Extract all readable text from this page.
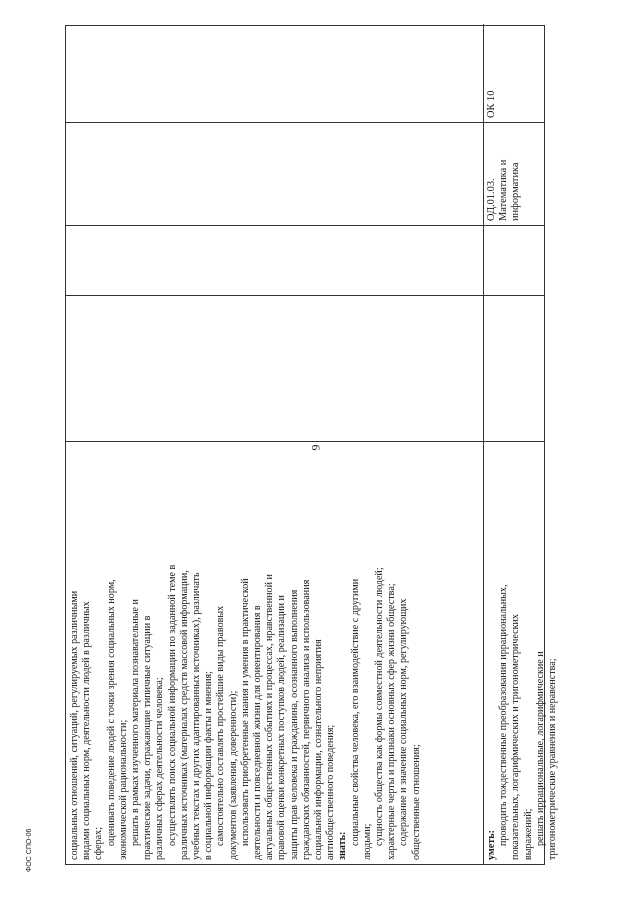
9
социальных отношений, ситуаций, регулируемых различными видами социальных норм, деятельности людей в различных сферах; оценивать поведение людей с точки зрения социальных норм, экономической рациональности; решать в рамках изученного материала познавательные и практические задачи, отражающие типичные ситуации в различных сферах деятельности человека; осуществлять поиск социальной информации по заданной теме в различных источниках (материалах средств массовой информации, учебных текстах и других адаптированных источниках), различать в социальной информации факты и мнения; самостоятельно составлять простейшие виды правовых документов (заявления, доверенности); использовать приобретенные знания и умения в практической деятельности и повседневной жизни для ориентирования в актуальных общественных событиях и процессах, нравственной и правовой оценки конкретных поступков людей, реализации и защиты прав человека и гражданина, осознанного выполнения гражданских обязанностей, первичного анализа и использования социальной информации, сознательного неприятия антиобщественного поведения; знать: социальные свойства человека, его взаимодействие с другими людьми; сущность общества как формы совместной деятельности людей; характерные черты и признаки основных сфер жизни общества; содержание и значение социальных норм, регулирующих общественные отношения;	уметь: проводить тождественные преобразования иррациональных, показательных, логарифмических и тригонометрических выражений; решать иррациональные, логарифмические и тригонометрические уравнения и неравенства;
ОД.01.03. Математика и информатика
ОК 10
ФОС СПО-06
